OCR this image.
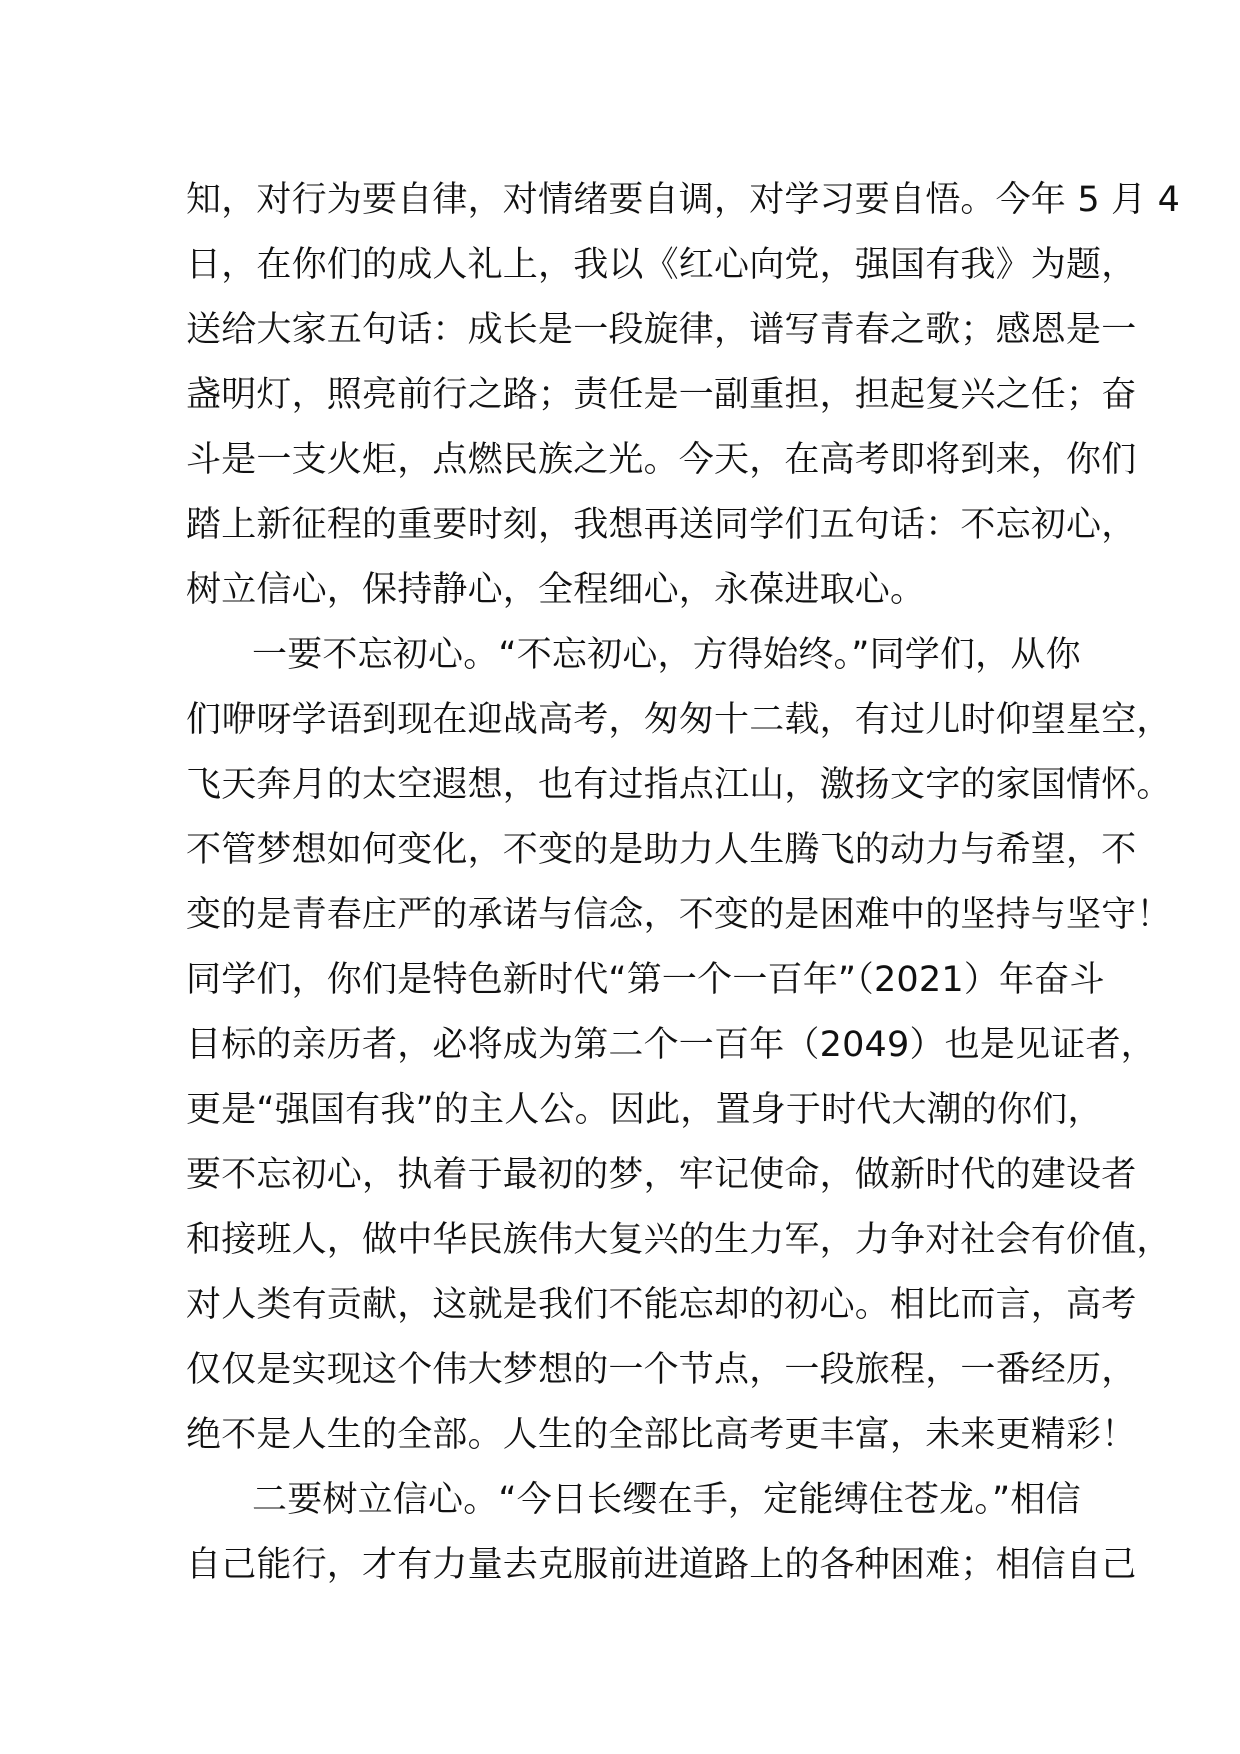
知，对行为要自律，对情绪要自调，对学习要自悟。今年 5 月 4
日，在你们的成人礼上，我以《红心向党，强国有我》为题，
送给大家五句话：成长是一段旋律，谱写青春之歌；感恩是一
盏明灯，照亮前行之路；责任是一副重担，担起复兴之任；奋
斗是一支火炬，点燃民族之光。今天，在高考即将到来，你们
踏上新征程的重要时刻，我想再送同学们五句话：不忘初心，
树立信心，保持静心，全程细心，永葆进取心。
一要不忘初心。“不忘初心，方得始终。”同学们，从你
们咿呀学语到现在迎战高考，匆匆十二载，有过儿时仰望星空，
飞天奔月的太空遐想，也有过指点江山，激扬文字的家国情怀。
不管梦想如何变化，不变的是助力人生腾飞的动力与希望，不
变的是青春庄严的承诺与信念，不变的是困难中的坚持与坚守！
同学们，你们是特色新时代“第一个一百年”（2021）年奋斗
目标的亲历者，必将成为第二个一百年（2049）也是见证者，
更是“强国有我”的主人公。因此，置身于时代大潮的你们，
要不忘初心，执着于最初的梦，牢记使命，做新时代的建设者
和接班人，做中华民族伟大复兴的生力军，力争对社会有价值，
对人类有贡献，这就是我们不能忘却的初心。相比而言，高考
仅仅是实现这个伟大梦想的一个节点，一段旅程，一番经历，
绝不是人生的全部。人生的全部比高考更丰富，未来更精彩！
二要树立信心。“今日长缨在手，定能缚住苍龙。”相信
自己能行，才有力量去克服前进道路上的各种困难；相信自己
